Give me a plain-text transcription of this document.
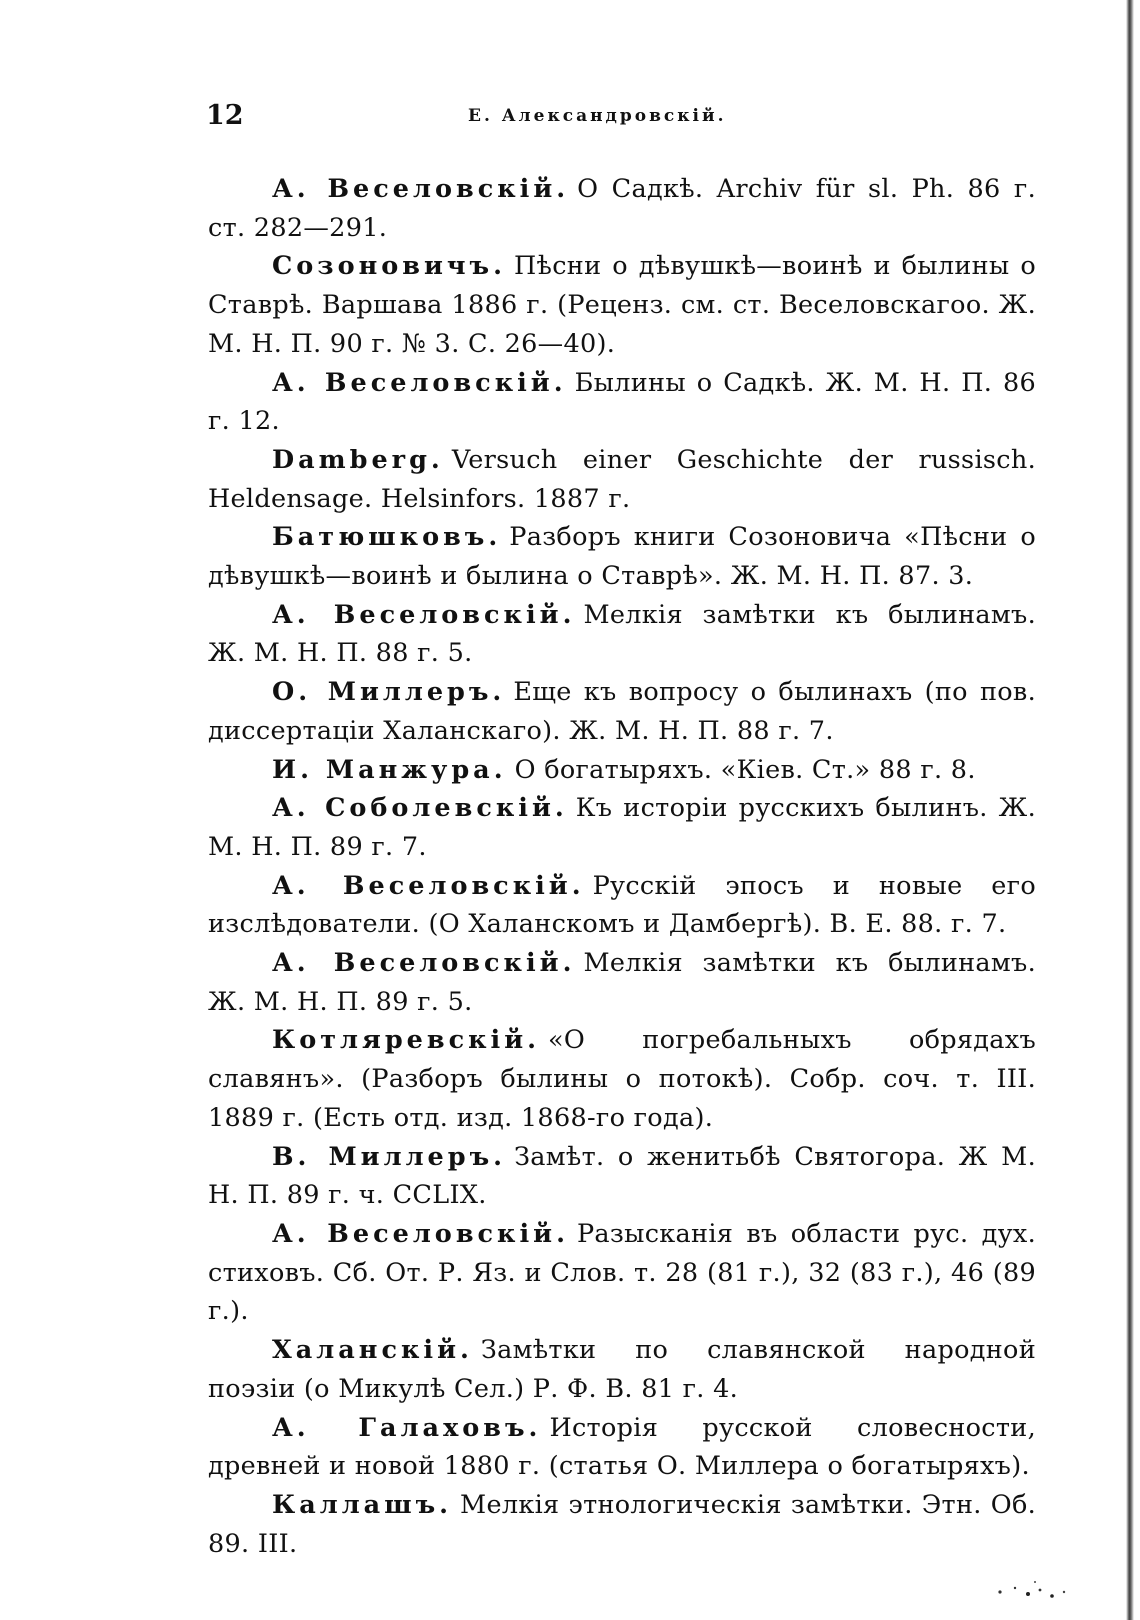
12	Е. Александровскій.

А. Веселовскій. О Садкѣ. Archiv für sl. Ph. 86 г. ст. 282—291.

Созоновичъ. Пѣсни о дѣвушкѣ—воинѣ и былины о Ставрѣ. Варшава 1886 г. (Реценз. см. ст. Веселовскагоо. Ж. М. Н. П. 90 г. № 3. С. 26—40).

А. Веселовскій. Былины о Садкѣ. Ж. М. Н. П. 86 г. 12.

Damberg. Versuch einer Geschichte der russisch. Heldensage. Helsinfors. 1887 г.

Батюшковъ. Разборъ книги Созоновича «Пѣсни о дѣвушкѣ—воинѣ и былина о Ставрѣ». Ж. М. Н. П. 87. 3.

А. Веселовскій. Мелкія замѣтки къ былинамъ. Ж. М. Н. П. 88 г. 5.

О. Миллеръ. Еще къ вопросу о былинахъ (по пов. диссертаціи Халанскаго). Ж. М. Н. П. 88 г. 7.

И. Манжура. О богатыряхъ. «Кіев. Ст.» 88 г. 8.

А. Соболевскій. Къ исторіи русскихъ былинъ. Ж. М. Н. П. 89 г. 7.

А. Веселовскій. Русскій эпосъ и новые его изслѣдователи. (О Халанскомъ и Дамбергѣ). В. Е. 88. г. 7.

А. Веселовскій. Мелкія замѣтки къ былинамъ. Ж. М. Н. П. 89 г. 5.

Котляревскій. «О погребальныхъ обрядахъ славянъ». (Разборъ былины о потокѣ). Собр. соч. т. III. 1889 г. (Есть отд. изд. 1868-го года).

В. Миллеръ. Замѣт. о женитьбѣ Святогора. Ж М. Н. П. 89 г. ч. CCLIX.

А. Веселовскій. Разысканія въ области рус. дух. стиховъ. Сб. От. Р. Яз. и Слов. т. 28 (81 г.), 32 (83 г.), 46 (89 г.).

Халанскій. Замѣтки по славянской народной поэзіи (о Микулѣ Сел.) Р. Ф. В. 81 г. 4.

А. Галаховъ. Исторія русской словесности, древней и новой 1880 г. (статья О. Миллера о богатыряхъ).

Каллашъ. Мелкія этнологическія замѣтки. Этн. Об. 89. III.
